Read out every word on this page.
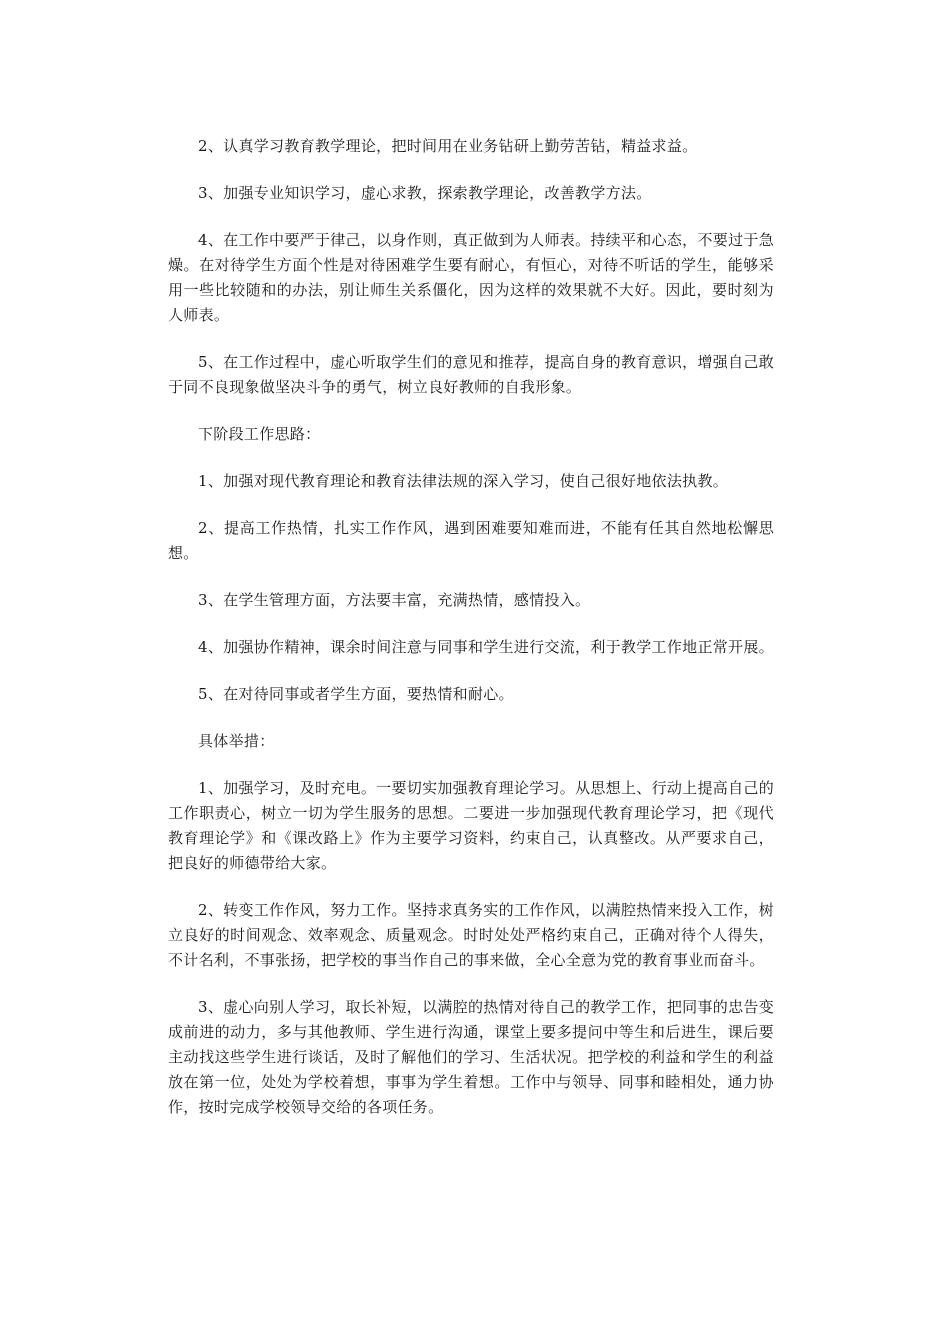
2、认真学习教育教学理论，把时间用在业务钻研上勤劳苦钻，精益求益。

3、加强专业知识学习，虚心求教，探索教学理论，改善教学方法。

4、在工作中要严于律己，以身作则，真正做到为人师表。持续平和心态，不要过于急燥。在对待学生方面个性是对待困难学生要有耐心，有恒心，对待不听话的学生，能够采用一些比较随和的办法，别让师生关系僵化，因为这样的效果就不大好。因此，要时刻为人师表。

5、在工作过程中，虚心听取学生们的意见和推荐，提高自身的教育意识，增强自己敢于同不良现象做坚决斗争的勇气，树立良好教师的自我形象。

下阶段工作思路：

1、加强对现代教育理论和教育法律法规的深入学习，使自己很好地依法执教。

2、提高工作热情，扎实工作作风，遇到困难要知难而进，不能有任其自然地松懈思想。

3、在学生管理方面，方法要丰富，充满热情，感情投入。

4、加强协作精神，课余时间注意与同事和学生进行交流，利于教学工作地正常开展。

5、在对待同事或者学生方面，要热情和耐心。

具体举措：

1、加强学习，及时充电。一要切实加强教育理论学习。从思想上、行动上提高自己的工作职责心，树立一切为学生服务的思想。二要进一步加强现代教育理论学习，把《现代教育理论学》和《课改路上》作为主要学习资料，约束自己，认真整改。从严要求自己，把良好的师德带给大家。

2、转变工作作风，努力工作。坚持求真务实的工作作风，以满腔热情来投入工作，树立良好的时间观念、效率观念、质量观念。时时处处严格约束自己，正确对待个人得失，不计名利，不事张扬，把学校的事当作自己的事来做，全心全意为党的教育事业而奋斗。

3、虚心向别人学习，取长补短，以满腔的热情对待自己的教学工作，把同事的忠告变成前进的动力，多与其他教师、学生进行沟通，课堂上要多提问中等生和后进生，课后要主动找这些学生进行谈话，及时了解他们的学习、生活状况。把学校的利益和学生的利益放在第一位，处处为学校着想，事事为学生着想。工作中与领导、同事和睦相处，通力协作，按时完成学校领导交给的各项任务。
